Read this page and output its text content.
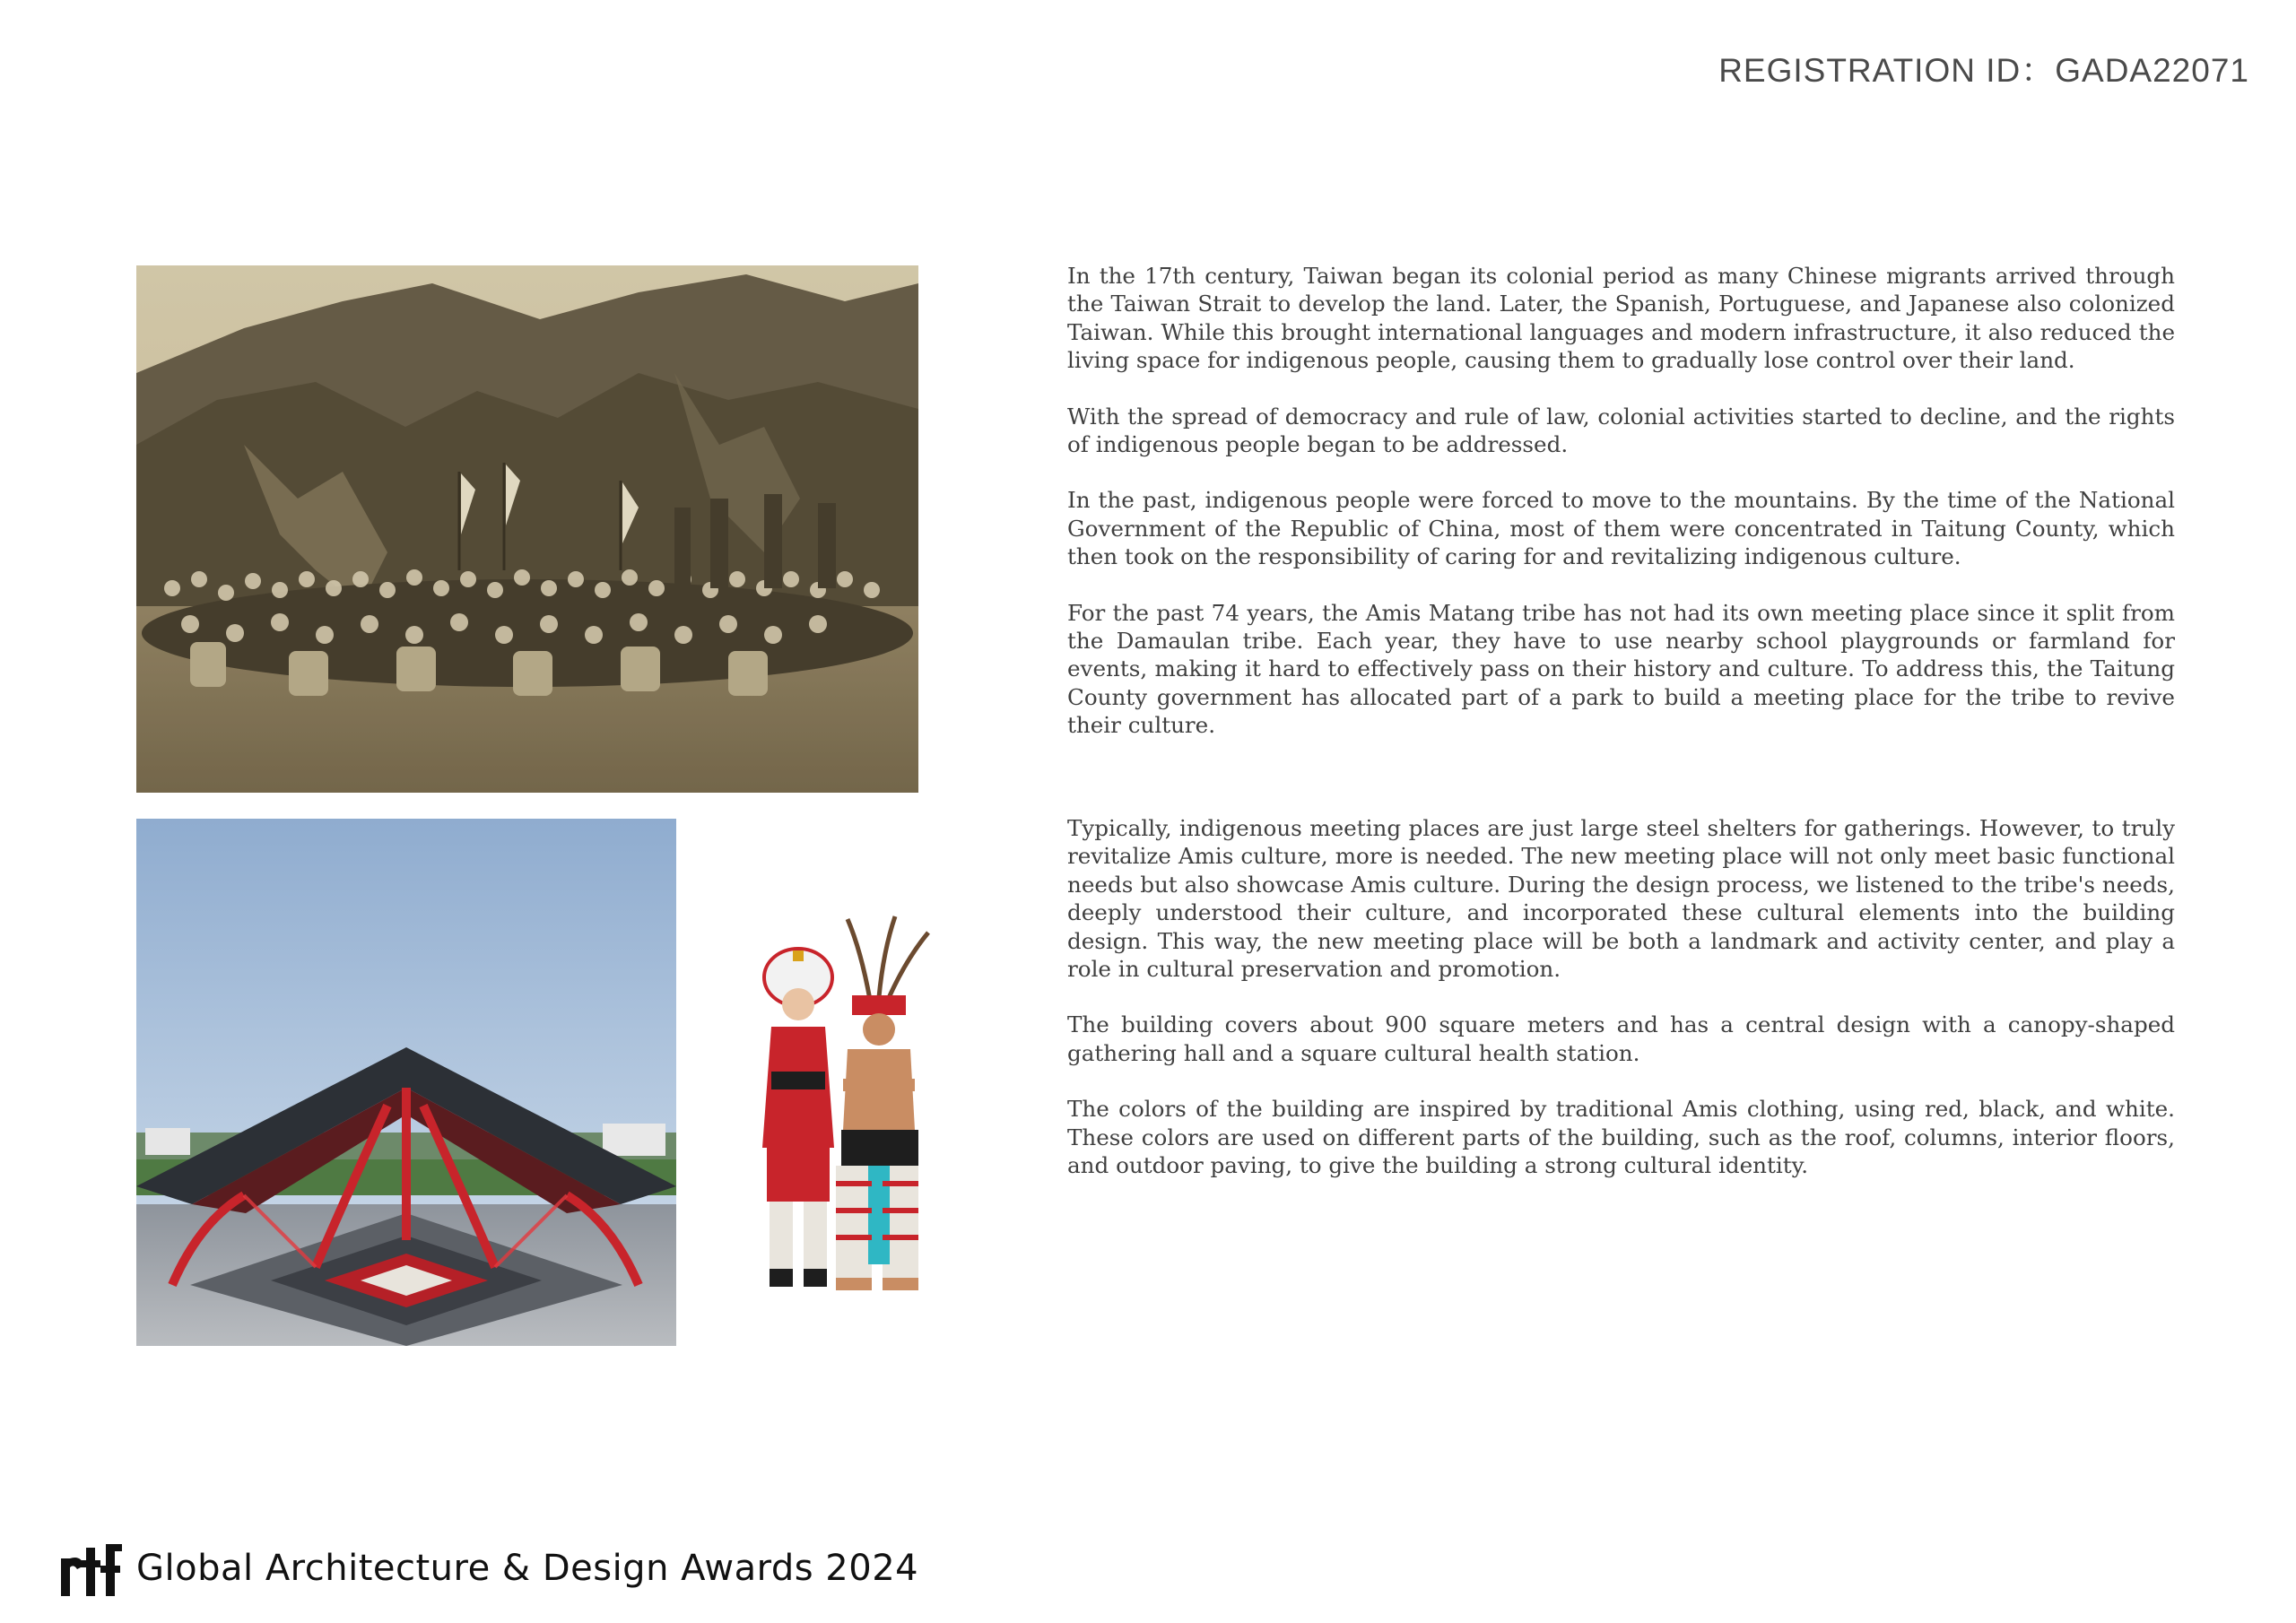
REGISTRATION ID：GADA22071

In the 17th century, Taiwan began its colonial period as many Chinese migrants arrived through the Taiwan Strait to develop the land. Later, the Spanish, Portuguese, and Japanese also colonized Taiwan. While this brought international languages and modern infrastructure, it also reduced the living space for indigenous people, causing them to gradually lose control over their land.

With the spread of democracy and rule of law, colonial activities started to decline, and the rights of indigenous people began to be addressed.

In the past, indigenous people were forced to move to the mountains. By the time of the National Government of the Republic of China, most of them were concentrated in Taitung County, which then took on the responsibility of caring for and revitalizing indigenous culture.

For the past 74 years, the Amis Matang tribe has not had its own meeting place since it split from the Damaulan tribe. Each year, they have to use nearby school playgrounds or farmland for events, making it hard to effectively pass on their history and culture. To address this, the Taitung County government has allocated part of a park to build a meeting place for the tribe to revive their culture.

Typically, indigenous meeting places are just large steel shelters for gatherings. However, to truly revitalize Amis culture, more is needed. The new meeting place will not only meet basic functional needs but also showcase Amis culture. During the design process, we listened to the tribe's needs, deeply understood their culture, and incorporated these cultural elements into the building design. This way, the new meeting place will be both a landmark and activity center, and play a role in cultural preservation and promotion.

The building covers about 900 square meters and has a central design with a canopy-shaped gathering hall and a square cultural health station.

The colors of the building are inspired by traditional Amis clothing, using red, black, and white. These colors are used on different parts of the building, such as the roof, columns, interior floors, and outdoor paving, to give the building a strong cultural identity.

Global Architecture & Design Awards 2024
